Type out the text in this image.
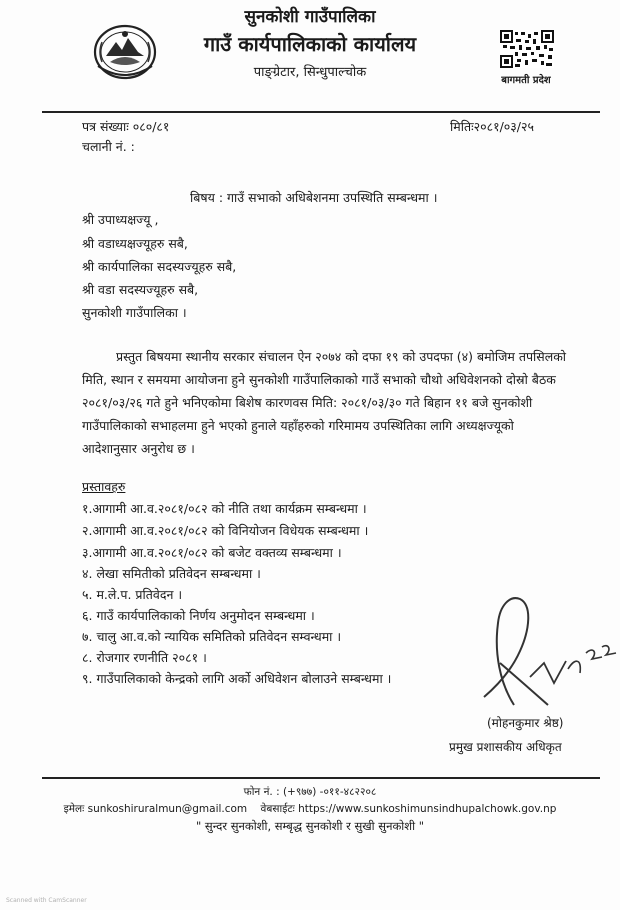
सुनकोशी गाउँपालिका
गाउँ कार्यपालिकाको कार्यालय
पाङ्ग्रेटार, सिन्धुपाल्चोक
बागमती प्रदेश
पत्र संख्याः ०८०/८१	मितिः२०८१/०३/२५
चलानी नं. :
बिषय : गाउँ सभाको अधिबेशनमा उपस्थिति सम्बन्धमा ।
श्री उपाध्यक्षज्यू ,
श्री वडाध्यक्षज्यूहरु सबै,
श्री कार्यपालिका सदस्यज्यूहरु सबै,
श्री वडा सदस्यज्यूहरु सबै,
सुनकोशी गाउँपालिका ।
प्रस्तुत बिषयमा स्थानीय सरकार संचालन ऐन २०७४ को दफा १९ को उपदफा (४) बमोजिम तपसिलको
मिति, स्थान र समयमा आयोजना हुने सुनकोशी गाउँपालिकाको गाउँ सभाको चौथो अधिवेशनको दोस्रो बैठक
२०८१/०३/२६ गते हुने भनिएकोमा बिशेष कारणवस मिति: २०८१/०३/३० गते बिहान ११ बजे सुनकोशी
गाउँपालिकाको सभाहलमा हुने भएको हुनाले यहाँहरुको गरिमामय उपस्थितिका लागि अध्यक्षज्यूको
आदेशानुसार अनुरोध छ ।
प्रस्तावहरु
१.आगामी आ.व.२०८१/०८२ को नीति तथा कार्यक्रम सम्बन्धमा ।
२.आगामी आ.व.२०८१/०८२ को विनियोजन विधेयक सम्बन्धमा ।
३.आगामी आ.व.२०८१/०८२ को बजेट वक्तव्य सम्बन्धमा ।
४. लेखा समितीको प्रतिवेदन सम्बन्धमा ।
५. म.ले.प. प्रतिवेदन ।
६. गाउँ कार्यपालिकाको निर्णय अनुमोदन सम्बन्धमा ।
७. चालु आ.व.को न्यायिक समितिको प्रतिवेदन सम्वन्धमा ।
८. रोजगार रणनीति २०८१ ।
९. गाउँपालिकाको केन्द्रको लागि अर्को अधिवेशन बोलाउने सम्बन्धमा ।
(मोहनकुमार श्रेष्ठ)
प्रमुख प्रशासकीय अधिकृत
फोन नं. : (+९७७) -०११-४८२२०८
इमेलः sunkoshiruralmun@gmail.com वेबसाईटः https://www.sunkoshimunsindhupalchowk.gov.np
" सुन्दर सुनकोशी, सम्बृद्ध सुनकोशी र सुखी सुनकोशी "
Scanned with CamScanner
